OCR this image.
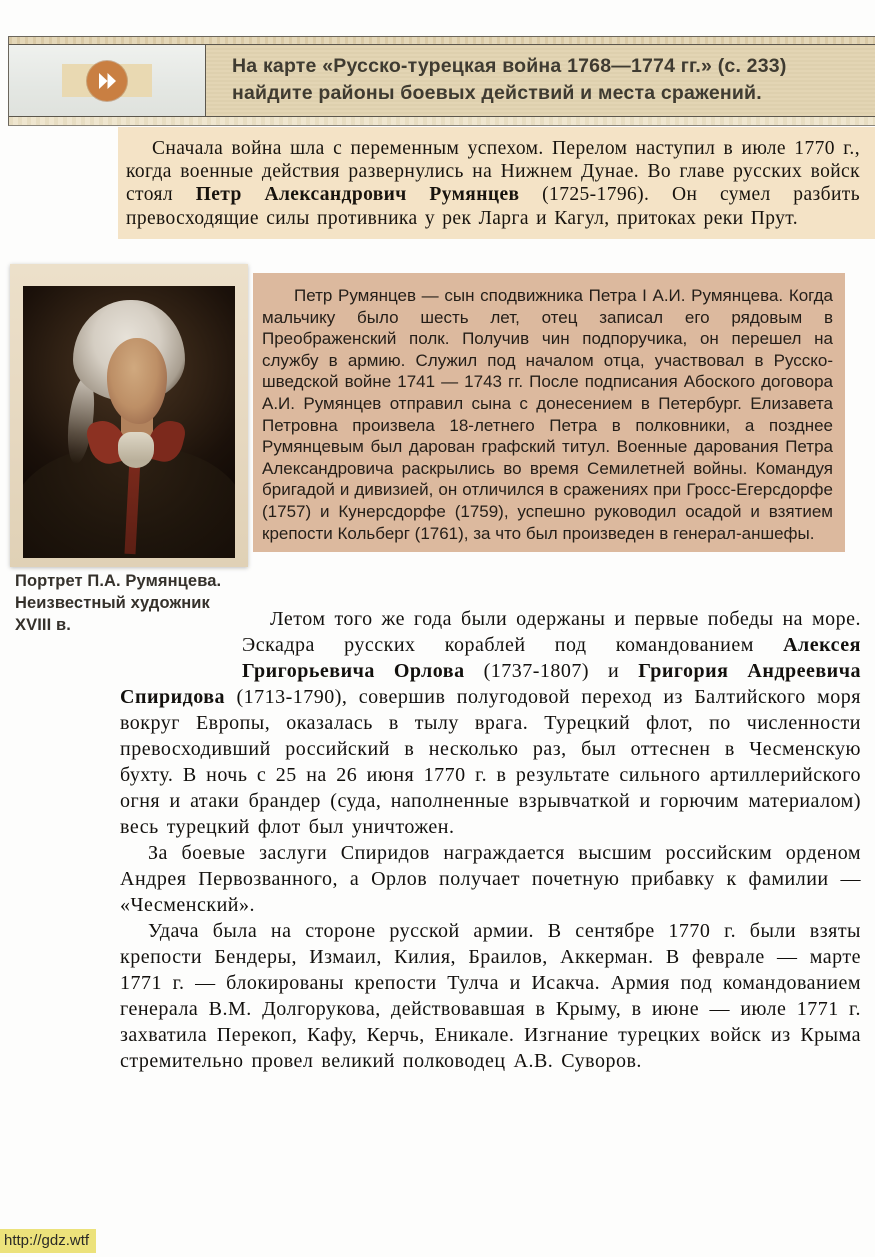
На карте «Русско-турецкая война 1768—1774 гг.» (с. 233) найдите районы боевых действий и места сражений.
Сначала война шла с переменным успехом. Перелом наступил в июле 1770 г., когда военные действия развернулись на Нижнем Дунае. Во главе русских войск стоял Петр Александрович Румянцев (1725-1796). Он сумел разбить превосходящие силы противника у рек Ларга и Кагул, притоках реки Прут.
Портрет П.А. Румянцева. Неизвестный художник XVIII в.
Петр Румянцев — сын сподвижника Петра I А.И. Румянцева. Когда мальчику было шесть лет, отец записал его рядовым в Преображенский полк. Получив чин подпоручика, он перешел на службу в армию. Служил под началом отца, участвовал в Русско-шведской войне 1741 — 1743 гг. После подписания Абоского договора А.И. Румянцев отправил сына с донесением в Петербург. Елизавета Петровна произвела 18-летнего Петра в полковники, а позднее Румянцевым был дарован графский титул. Военные дарования Петра Александровича раскрылись во время Семилетней войны. Командуя бригадой и дивизией, он отличился в сражениях при Гросс-Егерсдорфе (1757) и Кунерсдорфе (1759), успешно руководил осадой и взятием крепости Кольберг (1761), за что был произведен в генерал-аншефы.

Летом того же года были одержаны и первые победы на море. Эскадра русских кораблей под командованием Алексея Григорьевича Орлова (1737-1807) и Григория Андреевича Спиридова (1713-1790), совершив полугодовой переход из Балтийского моря вокруг Европы, оказалась в тылу врага. Турецкий флот, по численности превосходивший российский в несколько раз, был оттеснен в Чесменскую бухту. В ночь с 25 на 26 июня 1770 г. в результате сильного артиллерийского огня и атаки брандер (суда, наполненные взрывчаткой и горючим материалом) весь турецкий флот был уничтожен.

За боевые заслуги Спиридов награждается высшим российским орденом Андрея Первозванного, а Орлов получает почетную прибавку к фамилии — «Чесменский».

Удача была на стороне русской армии. В сентябре 1770 г. были взяты крепости Бендеры, Измаил, Килия, Браилов, Аккерман. В феврале — марте 1771 г. — блокированы крепости Тулча и Исакча. Армия под командованием генерала В.М. Долгорукова, действовавшая в Крыму, в июне — июле 1771 г. захватила Перекоп, Кафу, Керчь, Еникале. Изгнание турецких войск из Крыма стремительно провел великий полководец А.В. Суворов.

http://gdz.wtf
